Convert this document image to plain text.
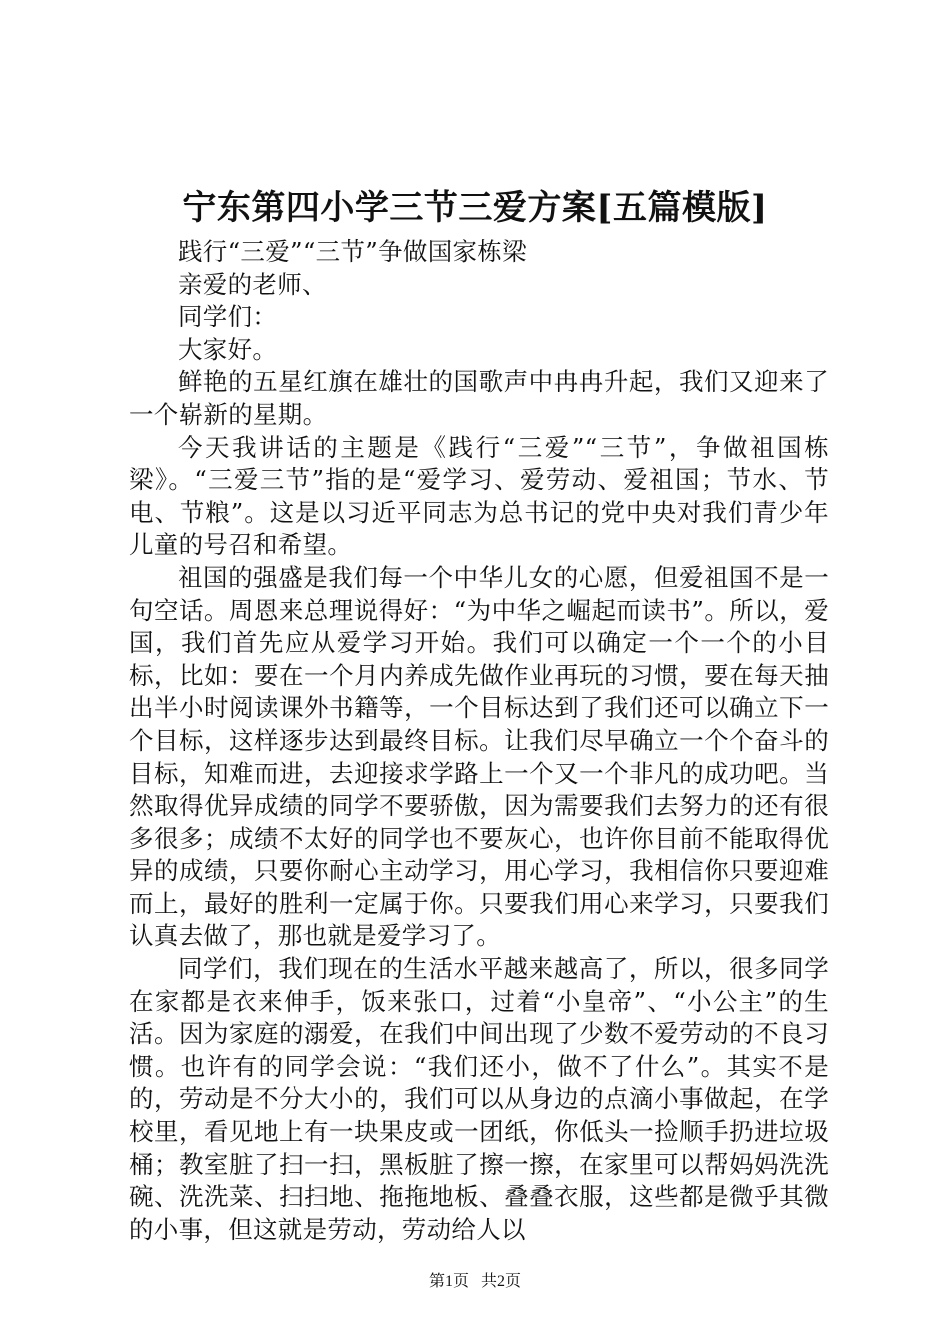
宁东第四小学三节三爱方案[五篇模版]

践行“三爱”“三节”争做国家栋梁

亲爱的老师、

同学们：

大家好。

鲜艳的五星红旗在雄壮的国歌声中冉冉升起，我们又迎来了一个崭新的星期。

今天我讲话的主题是《践行“三爱”“三节”，争做祖国栋梁》。“三爱三节”指的是“爱学习、爱劳动、爱祖国；节水、节电、节粮”。这是以习近平同志为总书记的党中央对我们青少年儿童的号召和希望。

祖国的强盛是我们每一个中华儿女的心愿，但爱祖国不是一句空话。周恩来总理说得好：“为中华之崛起而读书”。所以，爱国，我们首先应从爱学习开始。我们可以确定一个一个的小目标，比如：要在一个月内养成先做作业再玩的习惯，要在每天抽出半小时阅读课外书籍等，一个目标达到了我们还可以确立下一个目标，这样逐步达到最终目标。让我们尽早确立一个个奋斗的目标，知难而进，去迎接求学路上一个又一个非凡的成功吧。当然取得优异成绩的同学不要骄傲，因为需要我们去努力的还有很多很多；成绩不太好的同学也不要灰心，也许你目前不能取得优异的成绩，只要你耐心主动学习，用心学习，我相信你只要迎难而上，最好的胜利一定属于你。只要我们用心来学习，只要我们认真去做了，那也就是爱学习了。

同学们，我们现在的生活水平越来越高了，所以，很多同学在家都是衣来伸手，饭来张口，过着“小皇帝”、“小公主”的生活。因为家庭的溺爱，在我们中间出现了少数不爱劳动的不良习惯。也许有的同学会说：“我们还小，做不了什么”。其实不是的，劳动是不分大小的，我们可以从身边的点滴小事做起，在学校里，看见地上有一块果皮或一团纸，你低头一捡顺手扔进垃圾桶；教室脏了扫一扫，黑板脏了擦一擦，在家里可以帮妈妈洗洗碗、洗洗菜、扫扫地、拖拖地板、叠叠衣服，这些都是微乎其微的小事，但这就是劳动，劳动给人以

第1页 共2页
